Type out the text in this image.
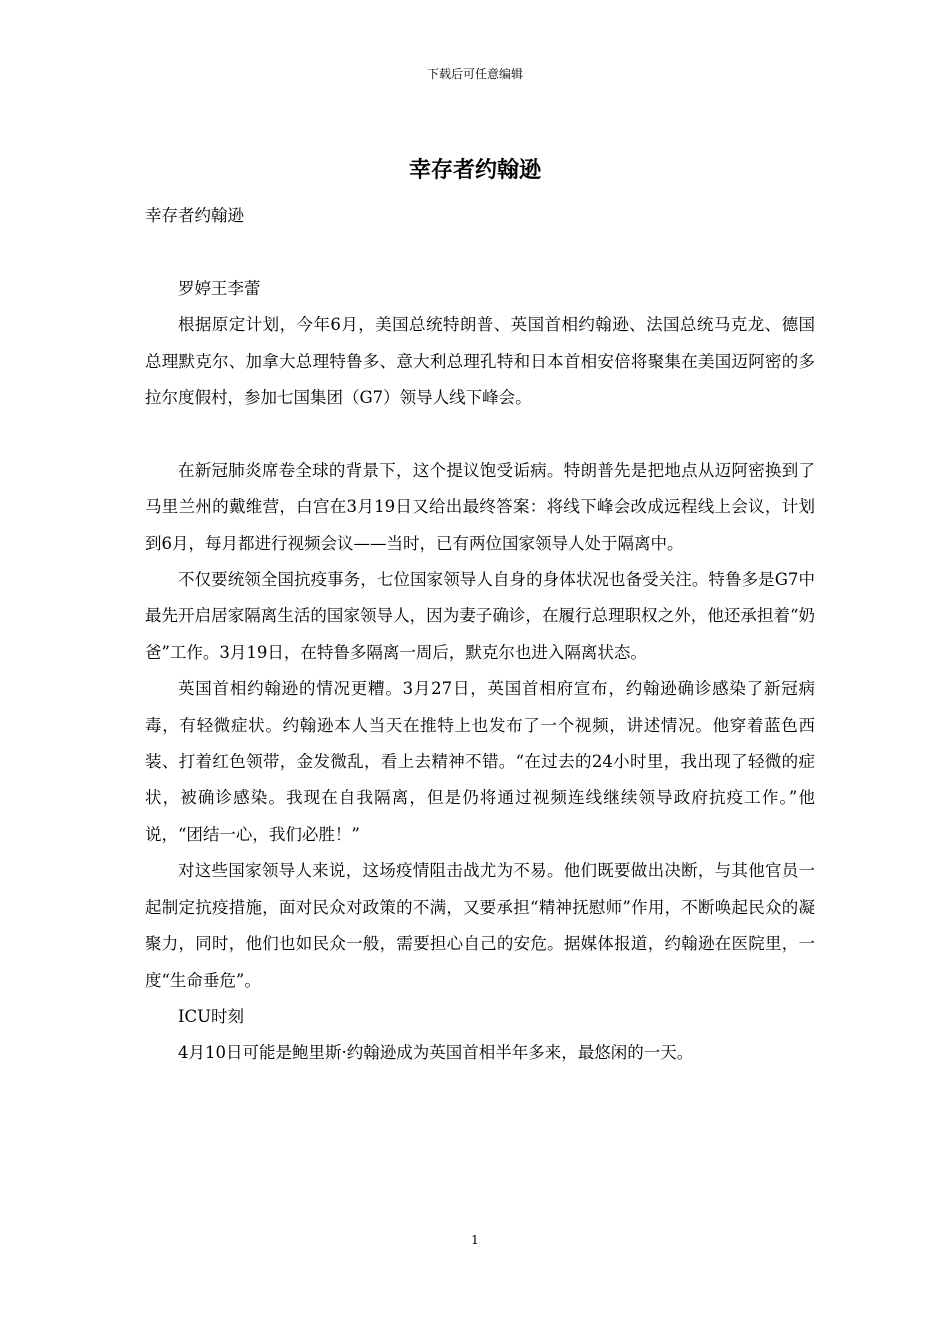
下载后可任意编辑
幸存者约翰逊

幸存者约翰逊

罗婷王李蕾

根据原定计划，今年6月，美国总统特朗普、英国首相约翰逊、法国总统马克龙、德国总理默克尔、加拿大总理特鲁多、意大利总理孔特和日本首相安倍将聚集在美国迈阿密的多拉尔度假村，参加七国集团（G7）领导人线下峰会。

在新冠肺炎席卷全球的背景下，这个提议饱受诟病。特朗普先是把地点从迈阿密换到了马里兰州的戴维营，白宫在3月19日又给出最终答案：将线下峰会改成远程线上会议，计划到6月，每月都进行视频会议——当时，已有两位国家领导人处于隔离中。

不仅要统领全国抗疫事务，七位国家领导人自身的身体状况也备受关注。特鲁多是G7中最先开启居家隔离生活的国家领导人，因为妻子确诊，在履行总理职权之外，他还承担着“奶爸”工作。3月19日，在特鲁多隔离一周后，默克尔也进入隔离状态。

英国首相约翰逊的情况更糟。3月27日，英国首相府宣布，约翰逊确诊感染了新冠病毒，有轻微症状。约翰逊本人当天在推特上也发布了一个视频，讲述情况。他穿着蓝色西装、打着红色领带，金发微乱，看上去精神不错。“在过去的24小时里，我出现了轻微的症状，被确诊感染。我现在自我隔离，但是仍将通过视频连线继续领导政府抗疫工作。”他说，“团结一心，我们必胜！”

对这些国家领导人来说，这场疫情阻击战尤为不易。他们既要做出决断，与其他官员一起制定抗疫措施，面对民众对政策的不满，又要承担“精神抚慰师”作用，不断唤起民众的凝聚力，同时，他们也如民众一般，需要担心自己的安危。据媒体报道，约翰逊在医院里，一度“生命垂危”。

ICU时刻

4月10日可能是鲍里斯·约翰逊成为英国首相半年多来，最悠闲的一天。

1
